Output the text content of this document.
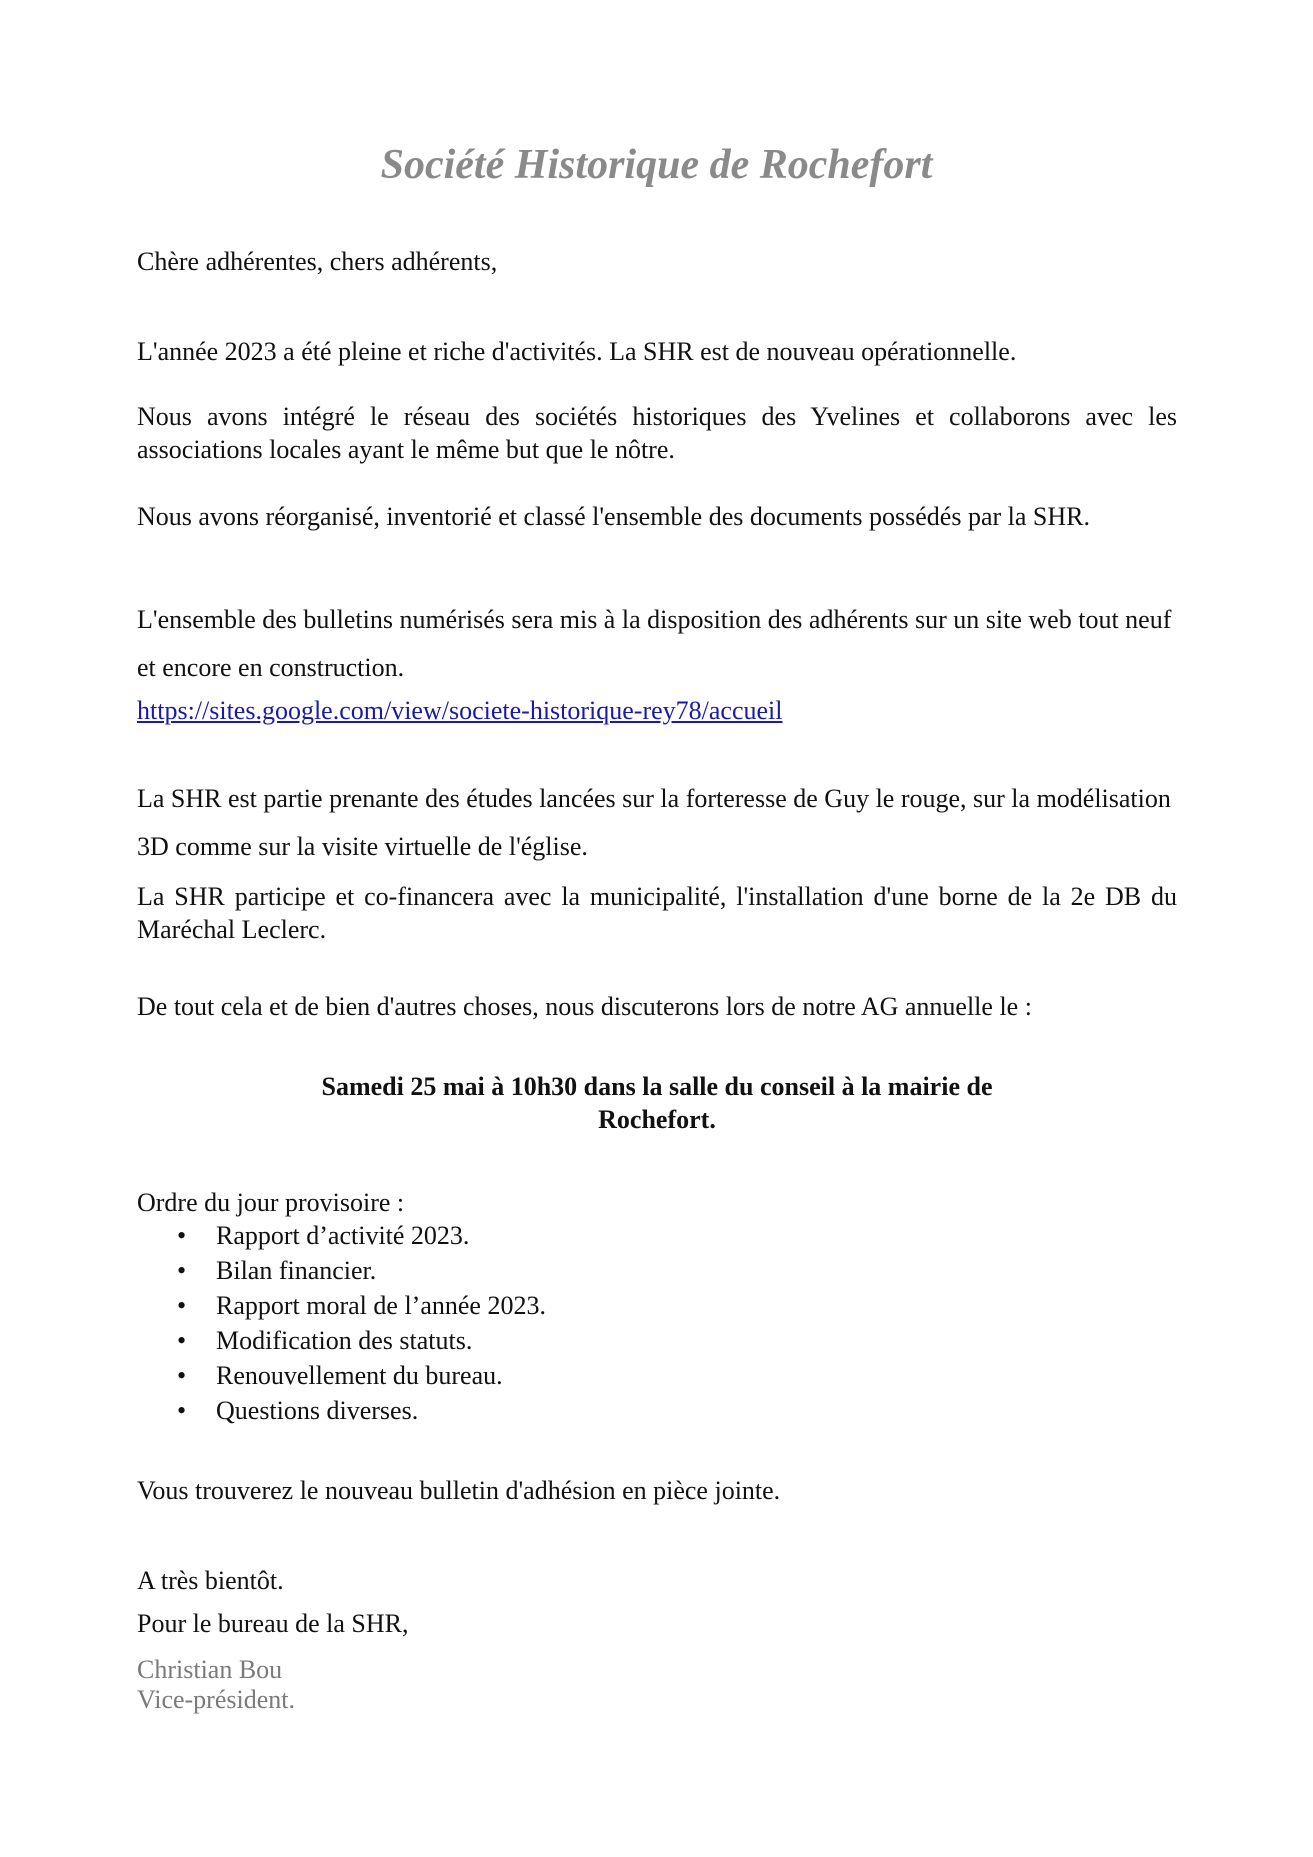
Société Historique de Rochefort

Chère adhérentes, chers adhérents,

L'année 2023 a été pleine et riche d'activités. La SHR est de nouveau opérationnelle.

Nous avons intégré le réseau des sociétés historiques des Yvelines et collaborons avec les associations locales ayant le même but que le nôtre.

Nous avons réorganisé, inventorié et classé l'ensemble des documents possédés par la SHR.

L'ensemble des bulletins numérisés sera mis à la disposition des adhérents sur un site web tout neuf et encore en construction.

https://sites.google.com/view/societe-historique-rey78/accueil

La SHR est partie prenante des études lancées sur la forteresse de Guy le rouge, sur la modélisation 3D comme sur la visite virtuelle de l'église.

La SHR participe et co-financera avec la municipalité, l'installation d'une borne de la 2e DB du Maréchal Leclerc.

De tout cela et de bien d'autres choses, nous discuterons lors de notre AG annuelle le :

Samedi 25 mai à 10h30 dans la salle du conseil à la mairie de
Rochefort.

Ordre du jour provisoire :

• Rapport d’activité 2023.
• Bilan financier.
• Rapport moral de l’année 2023.
• Modification des statuts.
• Renouvellement du bureau.
• Questions diverses.

Vous trouverez le nouveau bulletin d'adhésion en pièce jointe.

A très bientôt.

Pour le bureau de la SHR,

Christian Bou
Vice-président.
